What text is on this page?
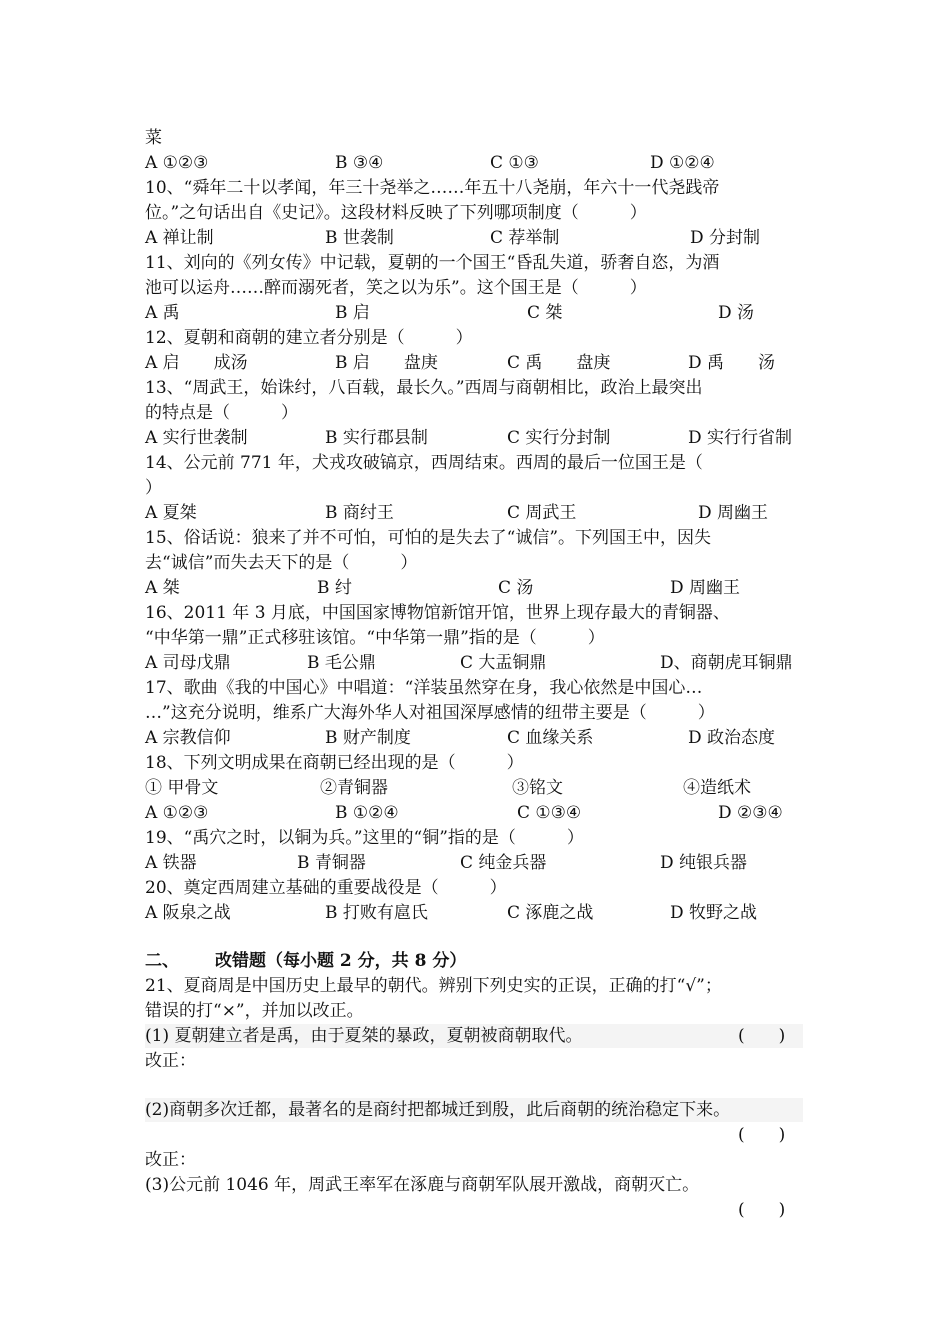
菜
A ①②③	B ③④	C ①③	D ①②④
10、“舜年二十以孝闻，年三十尧举之……年五十八尧崩，年六十一代尧践帝
位。”之句话出自《史记》。这段材料反映了下列哪项制度（　　　）
A 禅让制	B 世袭制	C 荐举制	D 分封制
11、刘向的《列女传》中记载，夏朝的一个国王“昏乱失道，骄奢自恣，为酒
池可以运舟……醉而溺死者，笑之以为乐”。这个国王是（　　　）
A 禹	B 启	C 桀	D 汤
12、夏朝和商朝的建立者分别是（　　　）
A 启　　成汤	B 启　　盘庚	C 禹　　盘庚	D 禹　　汤
13、“周武王，始诛纣，八百载，最长久。”西周与商朝相比，政治上最突出
的特点是（　　　）
A 实行世袭制	B 实行郡县制	C 实行分封制	D 实行行省制
14、公元前 771 年，犬戎攻破镐京，西周结束。西周的最后一位国王是（
）
A 夏桀	B 商纣王	C 周武王	D 周幽王
15、俗话说：狼来了并不可怕，可怕的是失去了“诚信”。下列国王中，因失
去“诚信”而失去天下的是（　　　）
A 桀	B 纣	C 汤	D 周幽王
16、2011 年 3 月底，中国国家博物馆新馆开馆，世界上现存最大的青铜器、
“中华第一鼎”正式移驻该馆。“中华第一鼎”指的是（　　　）
A 司母戊鼎	B 毛公鼎	C 大盂铜鼎	D、商朝虎耳铜鼎
17、歌曲《我的中国心》中唱道：“洋装虽然穿在身，我心依然是中国心…
…”这充分说明，维系广大海外华人对祖国深厚感情的纽带主要是（　　　）
A 宗教信仰	B 财产制度	C 血缘关系	D 政治态度
18、下列文明成果在商朝已经出现的是（　　　）
① 甲骨文	②青铜器	③铭文	④造纸术
A ①②③	B ①②④	C ①③④	D ②③④
19、“禹穴之时，以铜为兵。”这里的“铜”指的是（　　　）
A 铁器	B 青铜器	C 纯金兵器	D 纯银兵器
20、奠定西周建立基础的重要战役是（　　　）
A 阪泉之战	B 打败有扈氏	C 涿鹿之战	D 牧野之战
二、 改错题（每小题 2 分，共 8 分）
21、夏商周是中国历史上最早的朝代。辨别下列史实的正误，正确的打“√”；
错误的打“×”，并加以改正。
(1) 夏朝建立者是禹，由于夏桀的暴政，夏朝被商朝取代。	(　　)
改正：
(2)商朝多次迁都，最著名的是商纣把都城迁到殷，此后商朝的统治稳定下来。
(　　)
改正：
(3)公元前 1046 年，周武王率军在涿鹿与商朝军队展开激战，商朝灭亡。
(　　)
